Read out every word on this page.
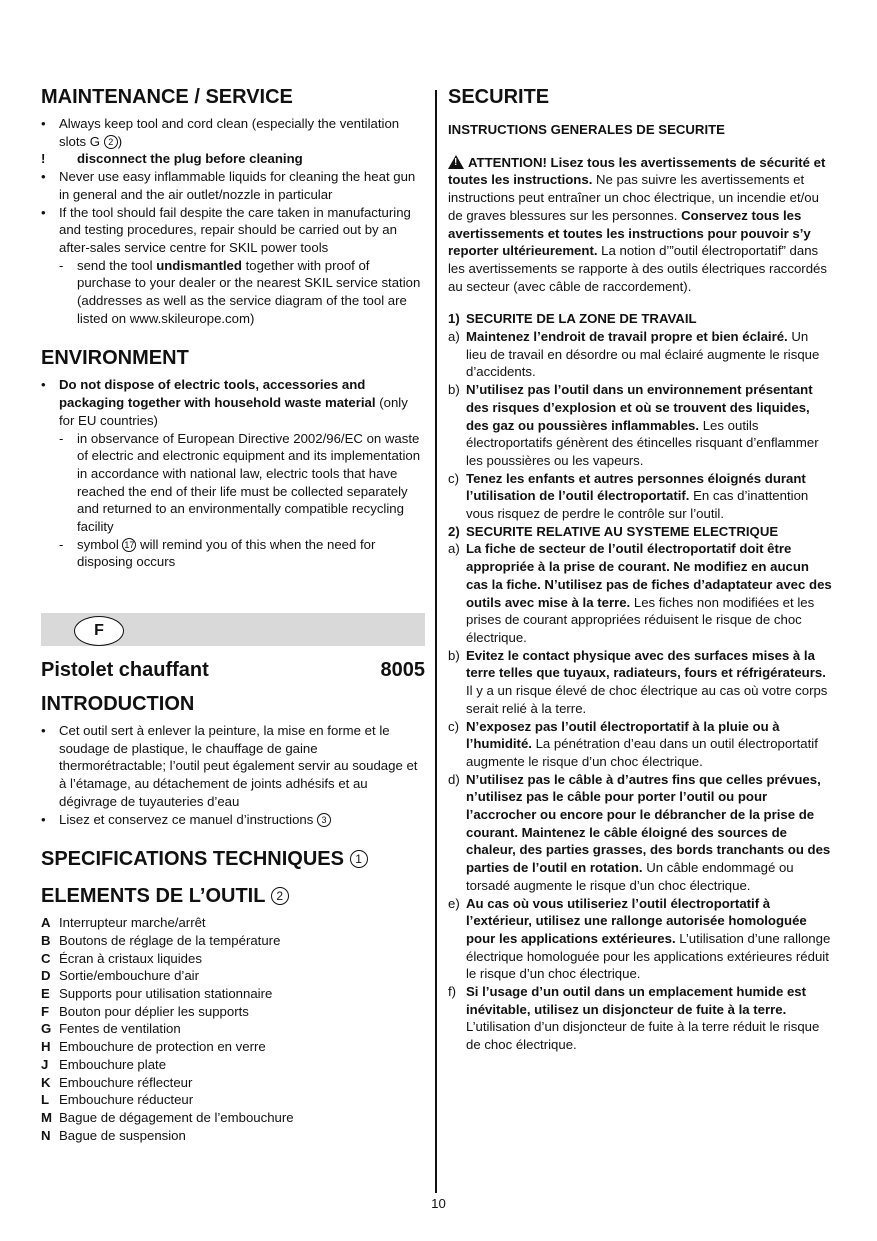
MAINTENANCE / SERVICE
• Always keep tool and cord clean (especially the ventilation slots G 2 )
! disconnect the plug before cleaning
• Never use easy inflammable liquids for cleaning the heat gun in general and the air outlet/nozzle in particular
• If the tool should fail despite the care taken in manufacturing and testing procedures, repair should be carried out by an after-sales service centre for SKIL power tools
- send the tool undismantled together with proof of purchase to your dealer or the nearest SKIL service station (addresses as well as the service diagram of the tool are listed on www.skileurope.com)
ENVIRONMENT
• Do not dispose of electric tools, accessories and packaging together with household waste material (only for EU countries)
- in observance of European Directive 2002/96/EC on waste of electric and electronic equipment and its implementation in accordance with national law, electric tools that have reached the end of their life must be collected separately and returned to an environmentally compatible recycling facility
- symbol 17 will remind you of this when the need for disposing occurs
F
Pistolet chauffant	8005
INTRODUCTION
• Cet outil sert à enlever la peinture, la mise en forme et le soudage de plastique, le chauffage de gaine thermorétractable; l’outil peut également servir au soudage et à l’étamage, au détachement de joints adhésifs et au dégivrage de tuyauteries d’eau
• Lisez et conservez ce manuel d’instructions 3
SPECIFICATIONS TECHNIQUES 1
ELEMENTS DE L’OUTIL 2
A Interrupteur marche/arrêt
B Boutons de réglage de la température
C Écran à cristaux liquides
D Sortie/embouchure d’air
E Supports pour utilisation stationnaire
F Bouton pour déplier les supports
G Fentes de ventilation
H Embouchure de protection en verre
J Embouchure plate
K Embouchure réflecteur
L Embouchure réducteur
M Bague de dégagement de l’embouchure
N Bague de suspension
SECURITE
INSTRUCTIONS GENERALES DE SECURITE
!ATTENTION! Lisez tous les avertissements de sécurité et toutes les instructions. Ne pas suivre les avertissements et instructions peut entraîner un choc électrique, un incendie et/ou de graves blessures sur les personnes. Conservez tous les avertissements et toutes les instructions pour pouvoir s’y reporter ultérieurement. La notion d’”outil électroportatif” dans les avertissements se rapporte à des outils électriques raccordés au secteur (avec câble de raccordement).
1) SECURITE DE LA ZONE DE TRAVAIL
a) Maintenez l’endroit de travail propre et bien éclairé. Un lieu de travail en désordre ou mal éclairé augmente le risque d’accidents.
b) N’utilisez pas l’outil dans un environnement présentant des risques d’explosion et où se trouvent des liquides, des gaz ou poussières inflammables. Les outils électroportatifs génèrent des étincelles risquant d’enflammer les poussières ou les vapeurs.
c) Tenez les enfants et autres personnes éloignés durant l’utilisation de l’outil électroportatif. En cas d’inattention vous risquez de perdre le contrôle sur l’outil.
2) SECURITE RELATIVE AU SYSTEME ELECTRIQUE
a) La fiche de secteur de l’outil électroportatif doit être appropriée à la prise de courant. Ne modifiez en aucun cas la fiche. N’utilisez pas de fiches d’adaptateur avec des outils avec mise à la terre. Les fiches non modifiées et les prises de courant appropriées réduisent le risque de choc électrique.
b) Evitez le contact physique avec des surfaces mises à la terre telles que tuyaux, radiateurs, fours et réfrigérateurs. Il y a un risque élevé de choc électrique au cas où votre corps serait relié à la terre.
c) N’exposez pas l’outil électroportatif à la pluie ou à l’humidité. La pénétration d’eau dans un outil électroportatif augmente le risque d’un choc électrique.
d) N’utilisez pas le câble à d’autres fins que celles prévues, n’utilisez pas le câble pour porter l’outil ou pour l’accrocher ou encore pour le débrancher de la prise de courant. Maintenez le câble éloigné des sources de chaleur, des parties grasses, des bords tranchants ou des parties de l’outil en rotation. Un câble endommagé ou torsadé augmente le risque d’un choc électrique.
e) Au cas où vous utiliseriez l’outil électroportatif à l’extérieur, utilisez une rallonge autorisée homologuée pour les applications extérieures. L’utilisation d’une rallonge électrique homologuée pour les applications extérieures réduit le risque d’un choc électrique.
f) Si l’usage d’un outil dans un emplacement humide est inévitable, utilisez un disjoncteur de fuite à la terre. L’utilisation d’un disjoncteur de fuite à la terre réduit le risque de choc électrique.
10
